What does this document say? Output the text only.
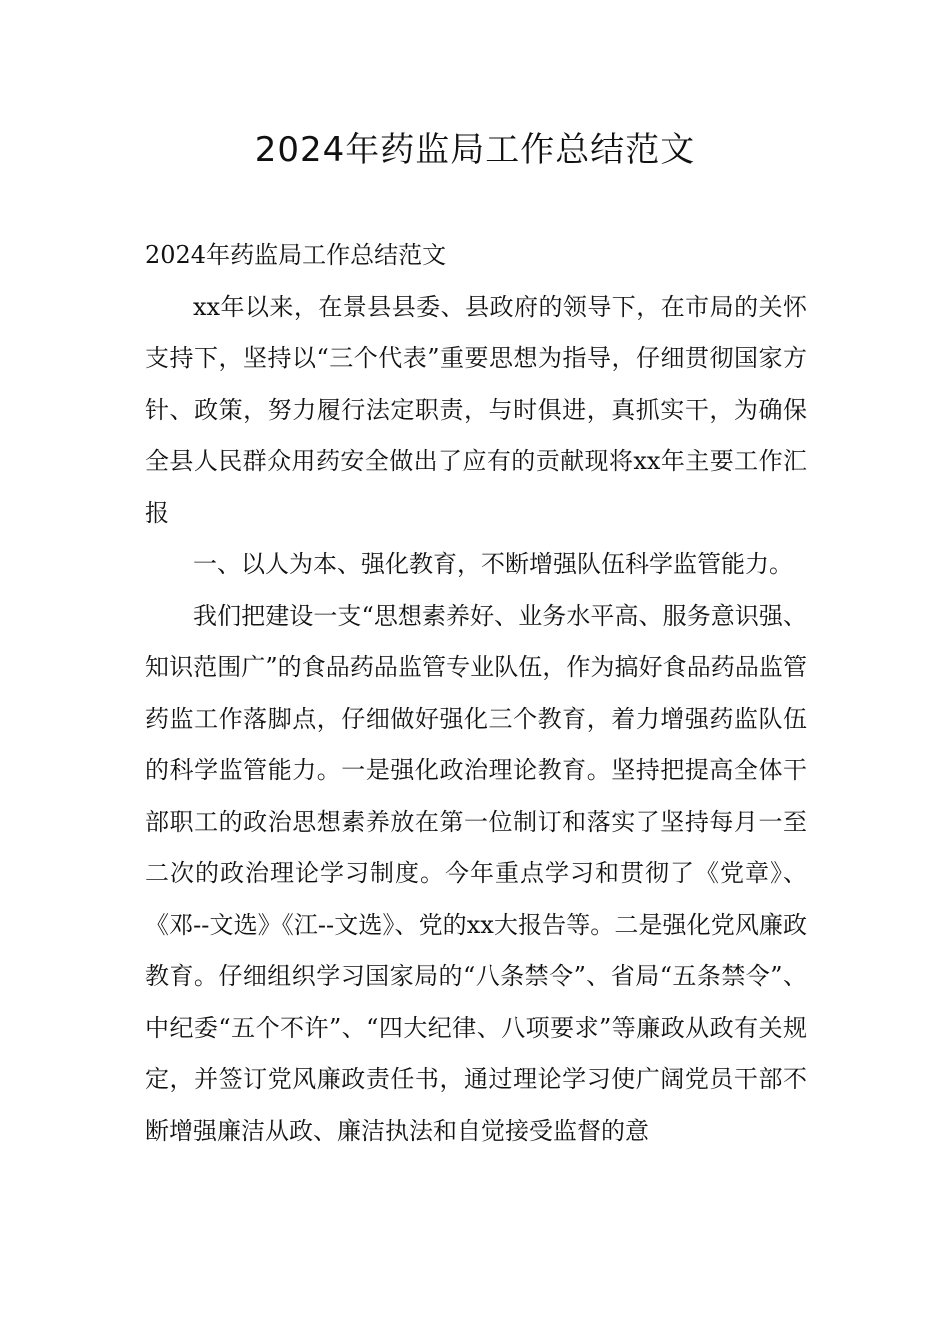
2024年药监局工作总结范文

2024年药监局工作总结范文

xx年以来，在景县县委、县政府的领导下，在市局的关怀支持下，坚持以“三个代表”重要思想为指导，仔细贯彻国家方针、政策，努力履行法定职责，与时俱进，真抓实干，为确保全县人民群众用药安全做出了应有的贡献现将xx年主要工作汇报

一、以人为本、强化教育，不断增强队伍科学监管能力。

我们把建设一支“思想素养好、业务水平高、服务意识强、知识范围广”的食品药品监管专业队伍，作为搞好食品药品监管药监工作落脚点，仔细做好强化三个教育，着力增强药监队伍的科学监管能力。一是强化政治理论教育。坚持把提高全体干部职工的政治思想素养放在第一位制订和落实了坚持每月一至二次的政治理论学习制度。今年重点学习和贯彻了《党章》、《邓--文选》《江--文选》、党的xx大报告等。二是强化党风廉政教育。仔细组织学习国家局的“八条禁令”、省局“五条禁令”、中纪委“五个不许”、“四大纪律、八项要求”等廉政从政有关规定，并签订党风廉政责任书，通过理论学习使广阔党员干部不断增强廉洁从政、廉洁执法和自觉接受监督的意
